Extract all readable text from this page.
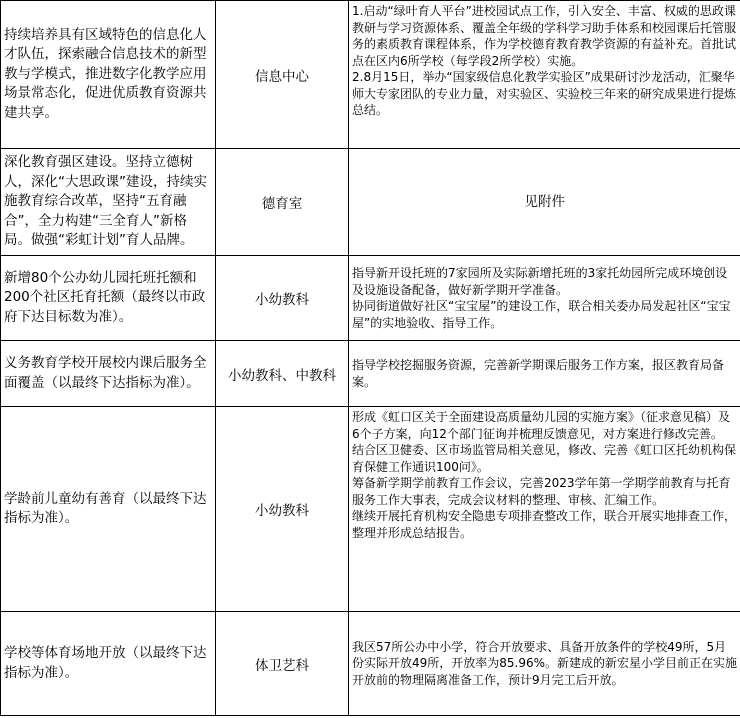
持续培养具有区域特色的信息化人才队伍，探索融合信息技术的新型教与学模式，推进数字化教学应用场景常态化，促进优质教育资源共建共享。	信息中心	1.启动“绿叶育人平台”进校园试点工作，引入安全、丰富、权威的思政课教研与学习资源体系、覆盖全年级的学科学习助手体系和校园课后托管服务的素质教育课程体系，作为学校德育教育教学资源的有益补充。首批试点在区内6所学校（每学段2所学校）实施。
2.8月15日，举办“国家级信息化教学实验区”成果研讨沙龙活动，汇聚华师大专家团队的专业力量，对实验区、实验校三年来的研究成果进行提炼总结。

深化教育强区建设。坚持立德树人，深化“大思政课”建设，持续实施教育综合改革，坚持“五育融合”，全力构建“三全育人”新格局。做强“彩虹计划”育人品牌。	德育室	见附件

新增80个公办幼儿园托班托额和200个社区托育托额（最终以市政府下达目标数为准）。	小幼教科	指导新开设托班的7家园所及实际新增托班的3家托幼园所完成环境创设及设施设备配备，做好新学期开学准备。
协同街道做好社区“宝宝屋”的建设工作，联合相关委办局发起社区“宝宝屋”的实地验收、指导工作。

义务教育学校开展校内课后服务全面覆盖（以最终下达指标为准）。	小幼教科、中教科	指导学校挖掘服务资源，完善新学期课后服务工作方案，报区教育局备案。

学龄前儿童幼有善育（以最终下达指标为准）。	小幼教科	形成《虹口区关于全面建设高质量幼儿园的实施方案》（征求意见稿）及6个子方案，向12个部门征询并梳理反馈意见，对方案进行修改完善。
结合区卫健委、区市场监管局相关意见，修改、完善《虹口区托幼机构保育保健工作通识100问》。
筹备新学期学前教育工作会议，完善2023学年第一学期学前教育与托育服务工作大事表，完成会议材料的整理、审核、汇编工作。
继续开展托育机构安全隐患专项排查整改工作，联合开展实地排查工作，整理并形成总结报告。

学校等体育场地开放（以最终下达指标为准）。	体卫艺科	我区57所公办中小学，符合开放要求、具备开放条件的学校49所，5月份实际开放49所，开放率为85.96%。新建成的新宏星小学目前正在实施开放前的物理隔离准备工作，预计9月完工后开放。
